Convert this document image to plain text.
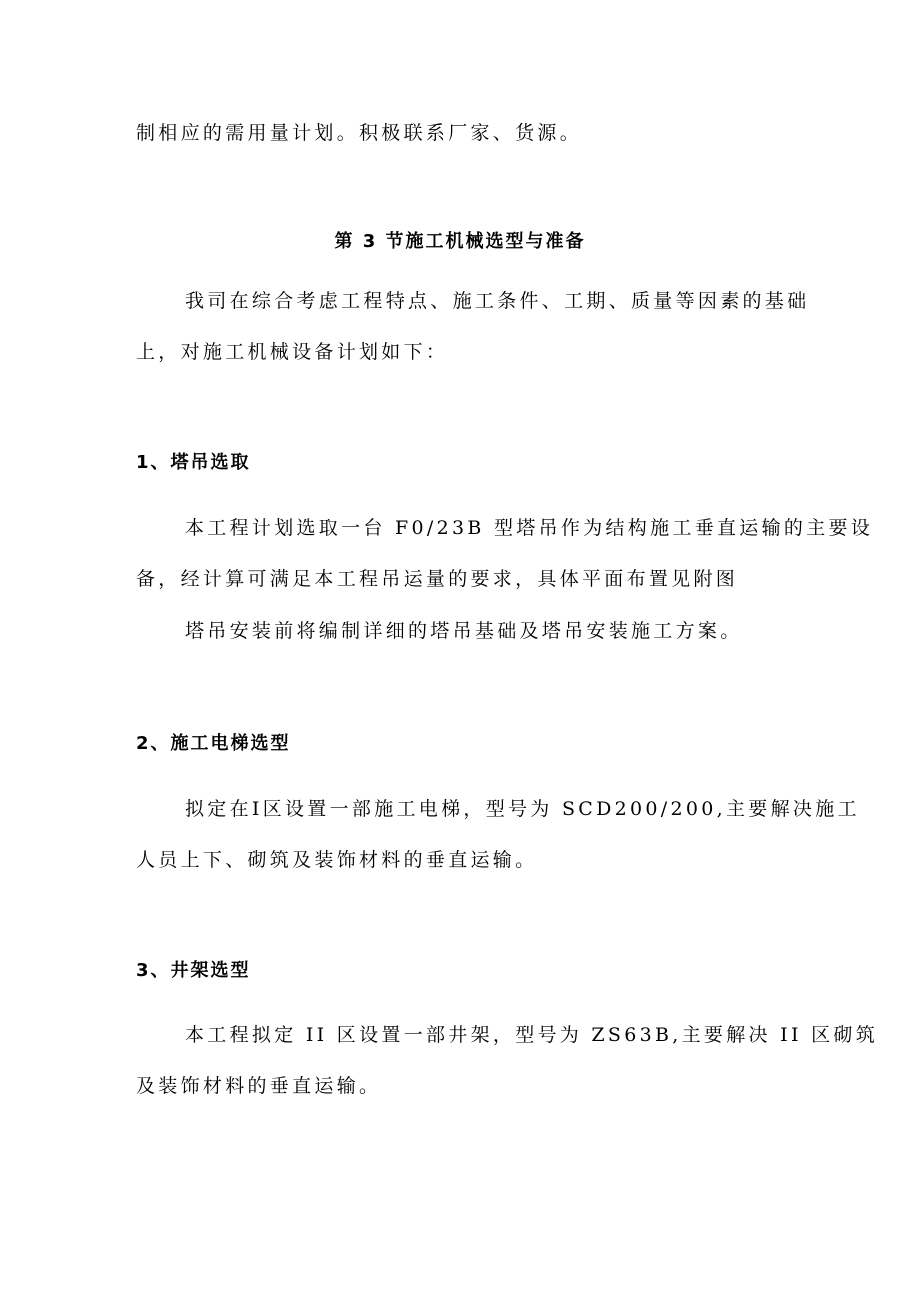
制相应的需用量计划。积极联系厂家、货源。
第 3 节施工机械选型与准备
我司在综合考虑工程特点、施工条件、工期、质量等因素的基础
上，对施工机械设备计划如下：
1、塔吊选取
本工程计划选取一台 F0/23B 型塔吊作为结构施工垂直运输的主要设
备，经计算可满足本工程吊运量的要求，具体平面布置见附图
塔吊安装前将编制详细的塔吊基础及塔吊安装施工方案。
2、施工电梯选型
拟定在Ⅰ区设置一部施工电梯，型号为 SCD200/200,主要解决施工
人员上下、砌筑及装饰材料的垂直运输。
3、井架选型
本工程拟定 II 区设置一部井架，型号为 ZS63B,主要解决 II 区砌筑
及装饰材料的垂直运输。
